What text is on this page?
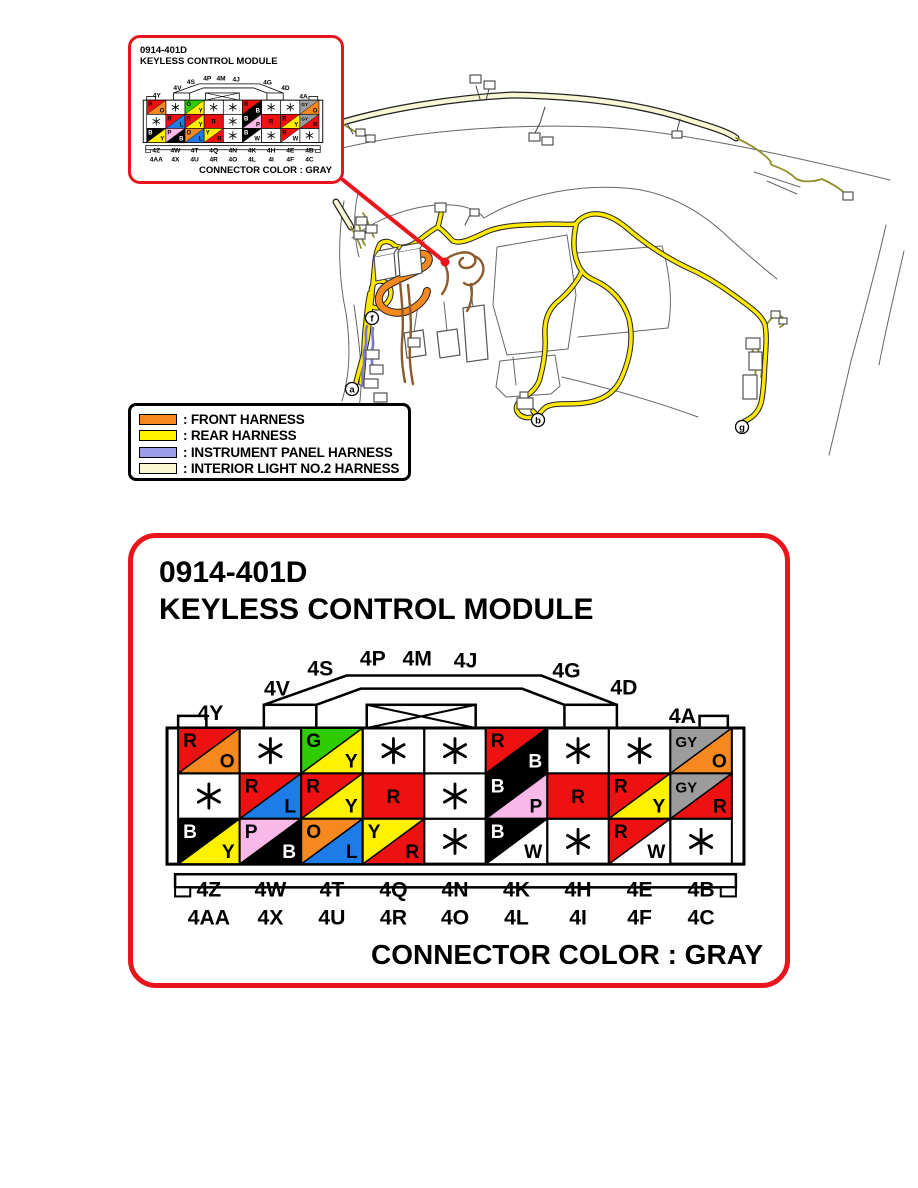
a
f
b
g
0914-401D
KEYLESS CONTROL MODULE
R
O
G
Y
R
B
GY
O
R
L
R
Y R
B
P R
R
Y
GY
R
B
Y
P
B
O
L
Y
R
B
W
R
W
4Y
4V
4S 4P 4M 4J 4G
4D
4A
4Z 4W 4T 4Q 4N 4K 4H 4E 4B
4AA 4X 4U 4R 4O 4L 4I 4F 4C
CONNECTOR COLOR : GRAY
: FRONT HARNESS
: REAR HARNESS
: INSTRUMENT PANEL HARNESS
: INTERIOR LIGHT NO.2 HARNESS
0914-401D
KEYLESS CONTROL MODULE
R
O
G
Y
R
B
GY
O
R
L
R
Y R
B
P R
R
Y
GY
R
B
Y
P
B
O
L
Y
R
B
W
R
W
4Y
4V
4S 4P 4M 4J	4G
4D
4A
4Z 4W 4T 4Q 4N 4K 4H 4E 4B
4AA 4X 4U 4R 4O 4L 4I 4F 4C
CONNECTOR COLOR : GRAY
